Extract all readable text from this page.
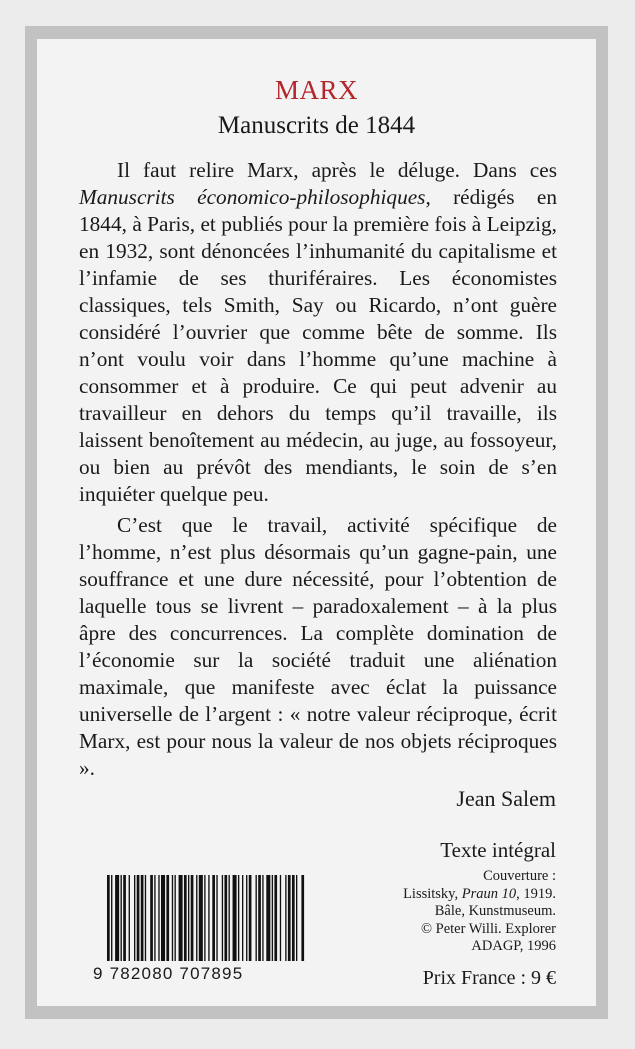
MARX
Manuscrits de 1844

Il faut relire Marx, après le déluge. Dans ces Manuscrits économico-philosophiques, rédigés en 1844, à Paris, et publiés pour la première fois à Leipzig, en 1932, sont dénoncées l’inhumanité du capitalisme et l’infamie de ses thuriféraires. Les économistes classiques, tels Smith, Say ou Ricardo, n’ont guère considéré l’ouvrier que comme bête de somme. Ils n’ont voulu voir dans l’homme qu’une machine à consommer et à produire. Ce qui peut advenir au travailleur en dehors du temps qu’il travaille, ils laissent benoîtement au médecin, au juge, au fossoyeur, ou bien au prévôt des mendiants, le soin de s’en inquiéter quelque peu.

C’est que le travail, activité spécifique de l’homme, n’est plus désormais qu’un gagne-pain, une souffrance et une dure nécessité, pour l’obtention de laquelle tous se livrent – paradoxalement – à la plus âpre des concurrences. La complète domination de l’économie sur la société traduit une aliénation maximale, que manifeste avec éclat la puissance universelle de l’argent : « notre valeur réciproque, écrit Marx, est pour nous la valeur de nos objets réciproques ».

Jean Salem
Texte intégral
Couverture :
Lissitsky, Praun 10, 1919.
Bâle, Kunstmuseum.
© Peter Willi. Explorer
ADAGP, 1996
9 782080 707895	Prix France : 9 €
